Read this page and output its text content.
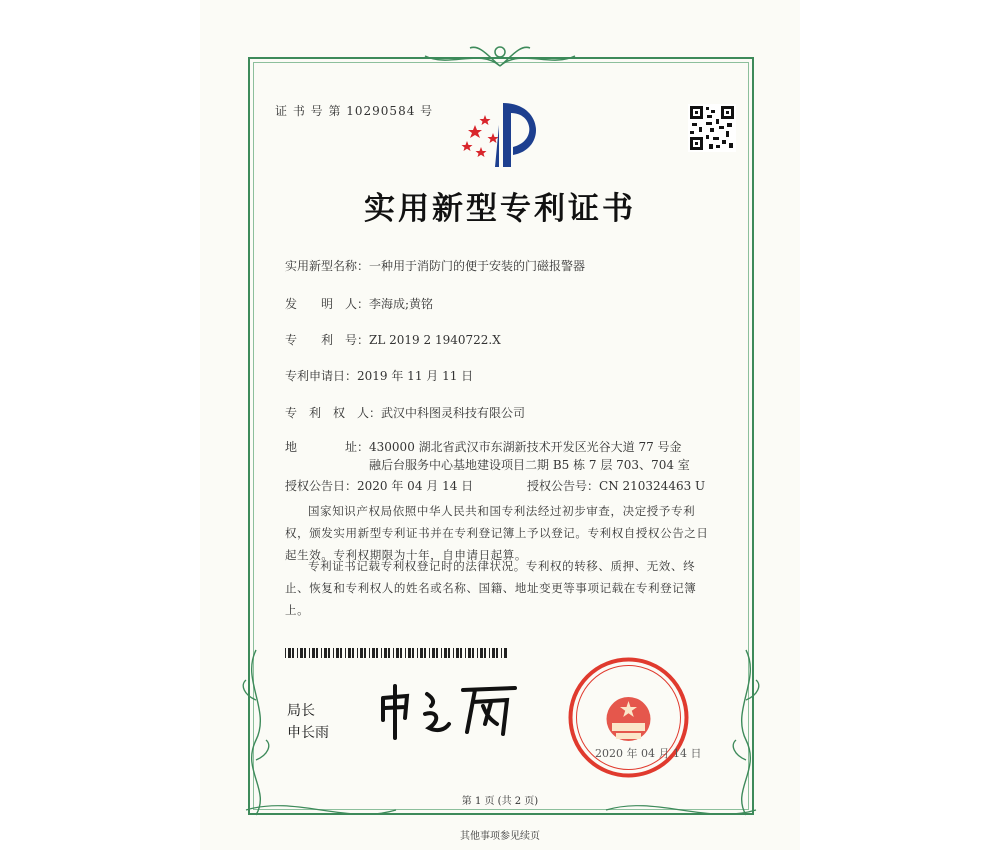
证 书 号 第 10290584 号
实用新型专利证书
实用新型名称：一种用于消防门的便于安装的门磁报警器
发　　明　人：李海成;黄铭
专　　利　号：ZL 2019 2 1940722.X
专利申请日：2019 年 11 月 11 日
专　利　权　人：武汉中科图灵科技有限公司
地　　　　址：430000 湖北省武汉市东湖新技术开发区光谷大道 77 号金
融后台服务中心基地建设项目二期 B5 栋 7 层 703、704 室
授权公告日：2020 年 04 月 14 日	授权公告号：CN 210324463 U
国家知识产权局依照中华人民共和国专利法经过初步审查，决定授予专利权，颁发实用新型专利证书并在专利登记簿上予以登记。专利权自授权公告之日起生效。专利权期限为十年，自申请日起算。
专利证书记载专利权登记时的法律状况。专利权的转移、质押、无效、终止、恢复和专利权人的姓名或名称、国籍、地址变更等事项记载在专利登记簿上。
局长
申长雨
2020 年 04 月 14 日
第 1 页 (共 2 页)
其他事项参见续页
